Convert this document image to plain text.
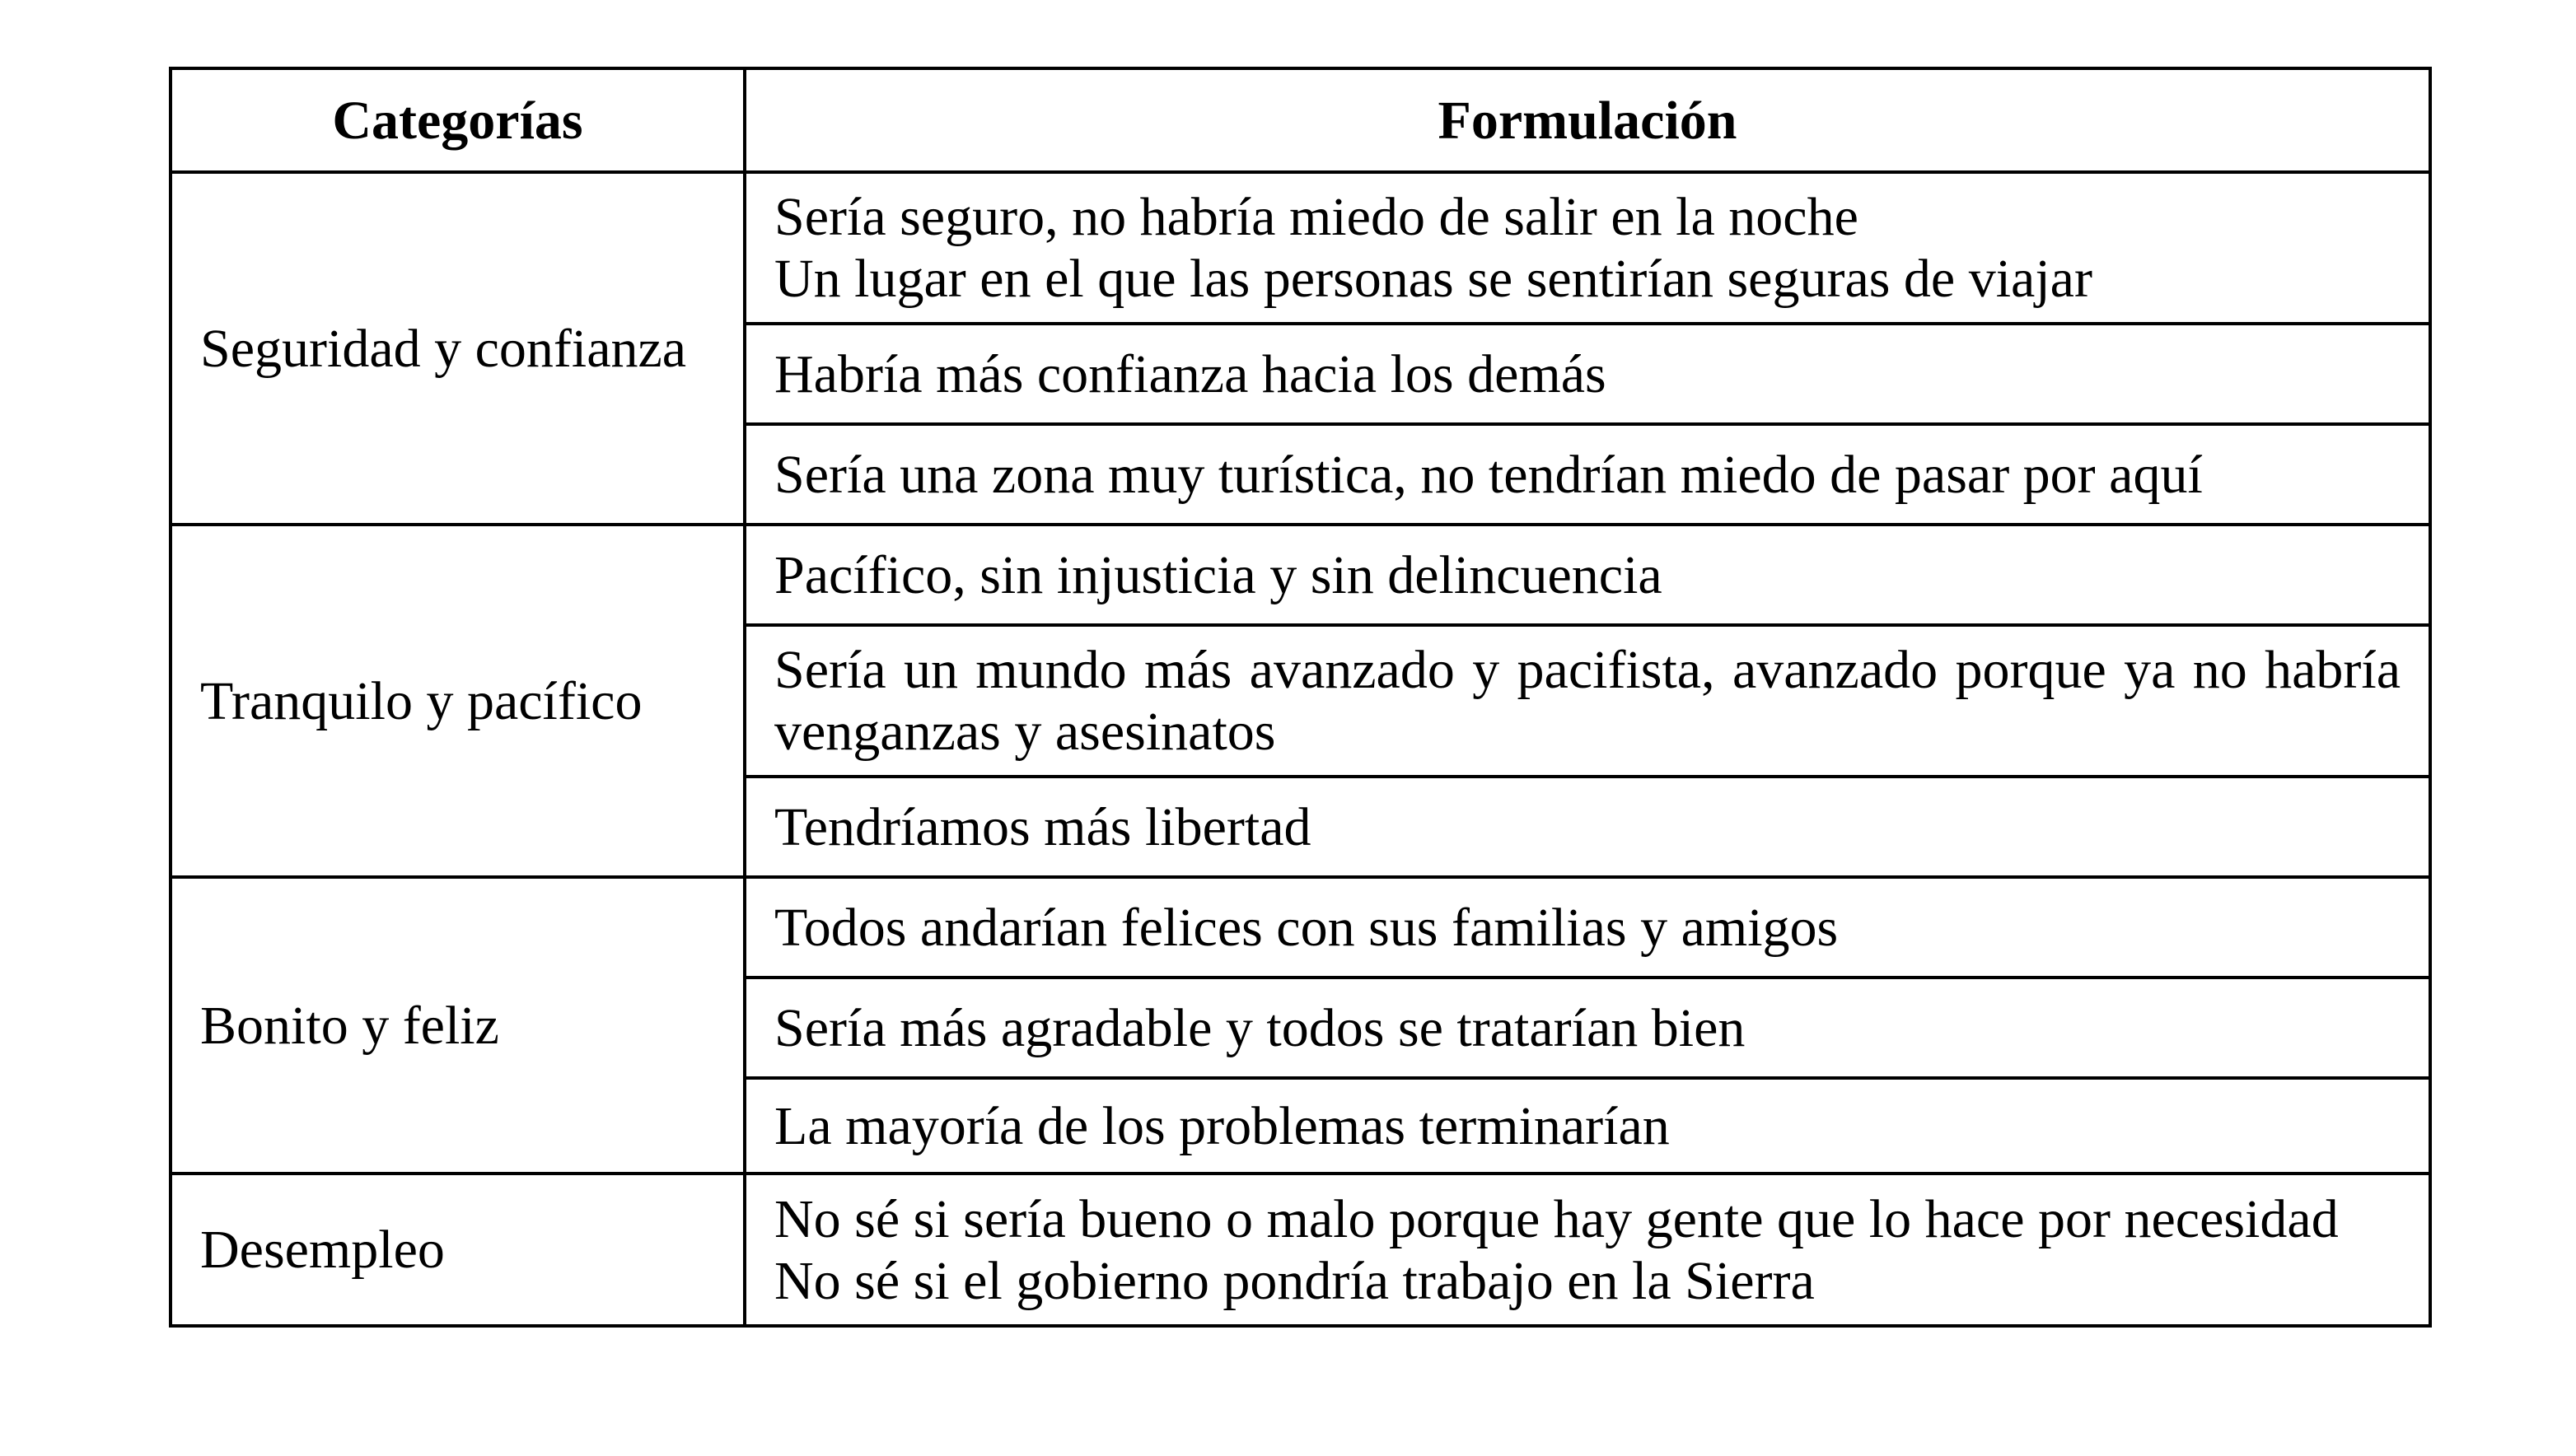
Categorías	Formulación
Seguridad y confianza	Sería seguro, no habría miedo de salir en la noche
Un lugar en el que las personas se sentirían seguras de viajar

	Habría más confianza hacia los demás

	Sería una zona muy turística, no tendrían miedo de pasar por aquí

Tranquilo y pacífico	Pacífico, sin injusticia y sin delincuencia

	Sería un mundo más avanzado y pacifista, avanzado porque ya no habría venganzas y asesinatos

	Tendríamos más libertad

Bonito y feliz	Todos andarían felices con sus familias y amigos

	Sería más agradable y todos se tratarían bien

	La mayoría de los problemas terminarían

Desempleo	No sé si sería bueno o malo porque hay gente que lo hace por necesidad
No sé si el gobierno pondría trabajo en la Sierra
